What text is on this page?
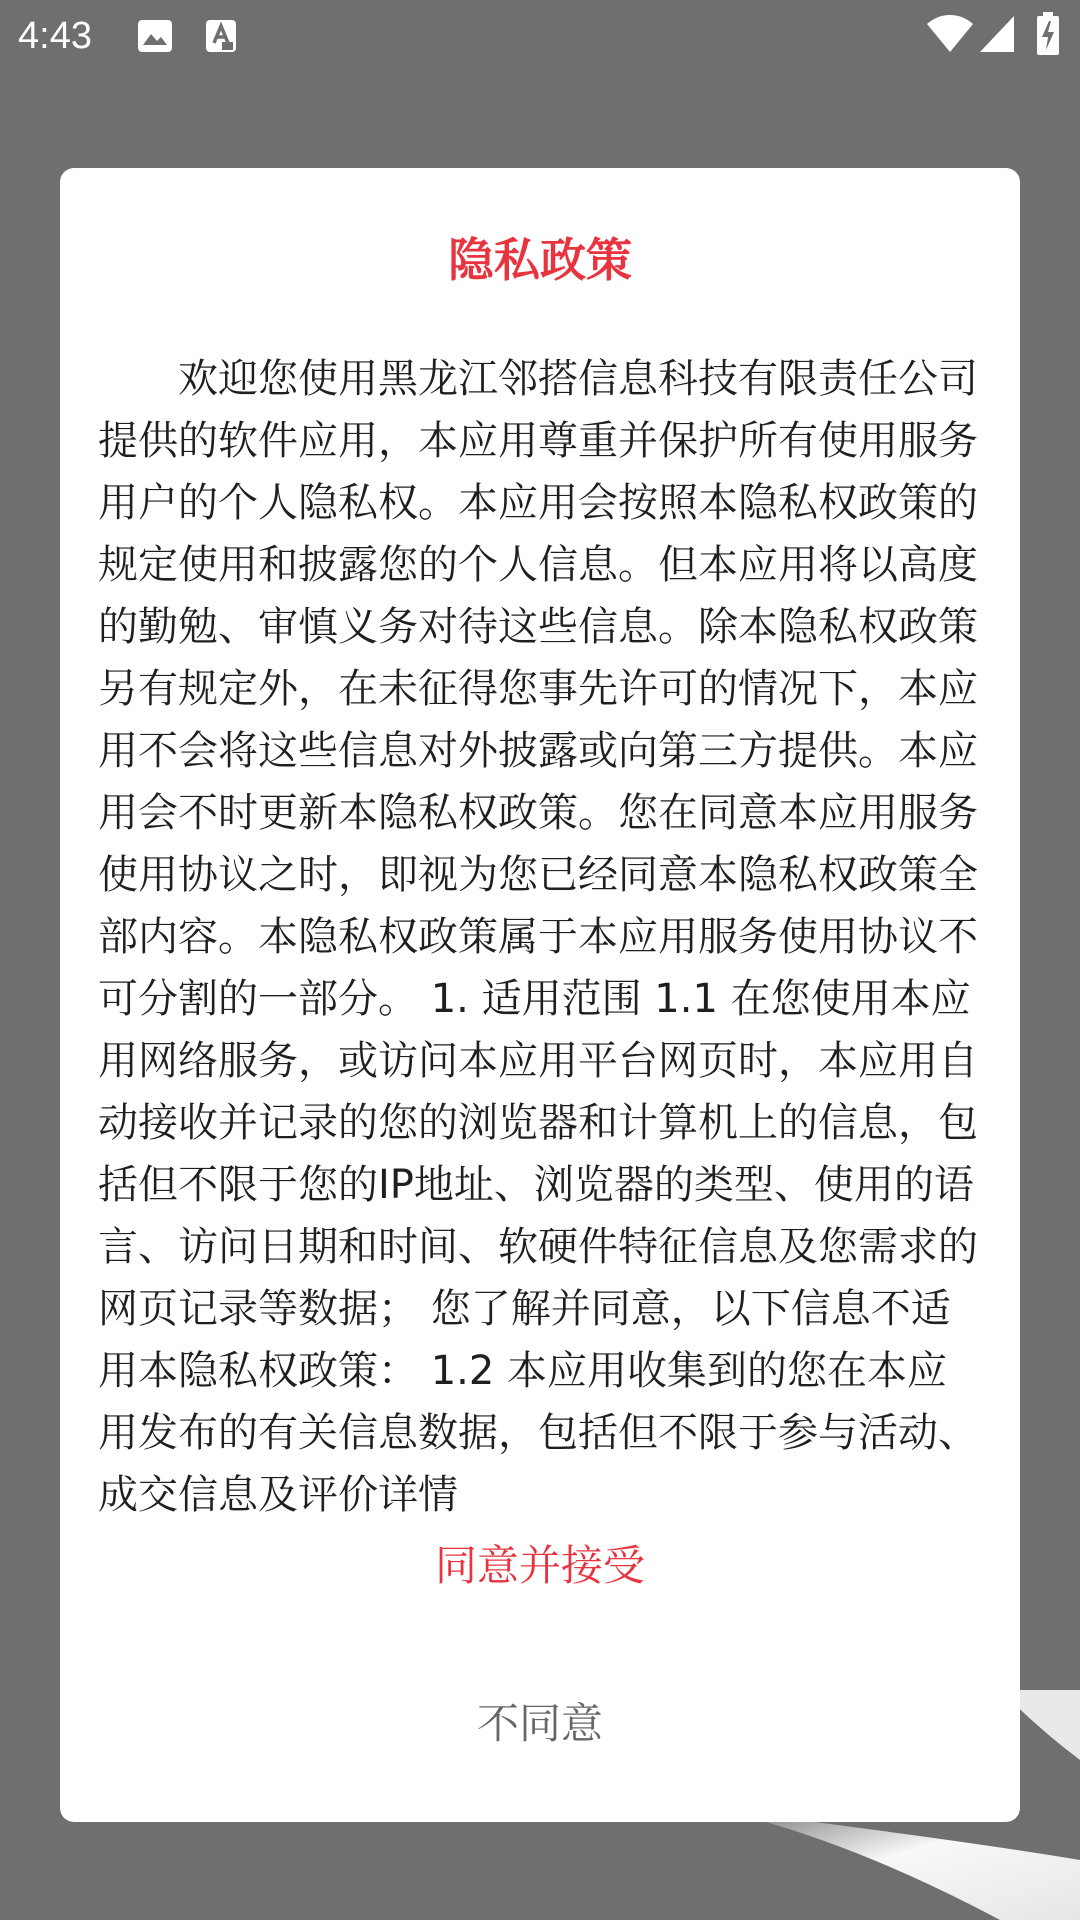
4:43
隐私政策

欢迎您使用黑龙江邻搭信息科技有限责任公司提供的软件应用，本应用尊重并保护所有使用服务用户的个人隐私权。本应用会按照本隐私权政策的规定使用和披露您的个人信息。但本应用将以高度的勤勉、审慎义务对待这些信息。除本隐私权政策另有规定外，在未征得您事先许可的情况下，本应用不会将这些信息对外披露或向第三方提供。本应用会不时更新本隐私权政策。您在同意本应用服务使用协议之时，即视为您已经同意本隐私权政策全部内容。本隐私权政策属于本应用服务使用协议不可分割的一部分。 1. 适用范围 1.1 在您使用本应用网络服务，或访问本应用平台网页时，本应用自动接收并记录的您的浏览器和计算机上的信息，包括但不限于您的IP地址、浏览器的类型、使用的语言、访问日期和时间、软硬件特征信息及您需求的网页记录等数据； 您了解并同意，以下信息不适用本隐私权政策： 1.2 本应用收集到的您在本应用发布的有关信息数据，包括但不限于参与活动、成交信息及评价详情

同意并接受
不同意
